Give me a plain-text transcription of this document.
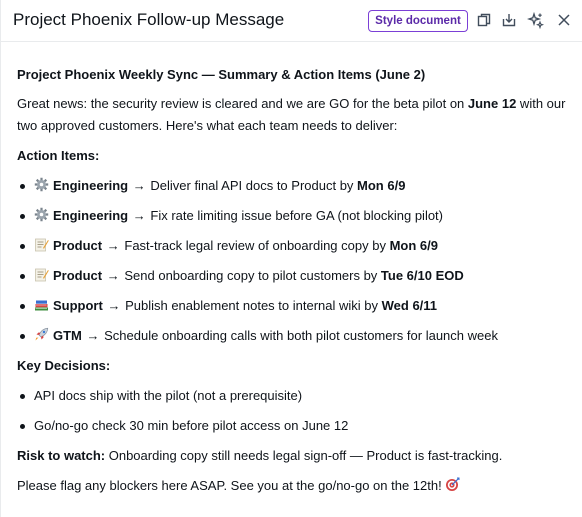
Project Phoenix Follow-up Message	Style document

Project Phoenix Weekly Sync — Summary & Action Items (June 2)

Great news: the security review is cleared and we are GO for the beta pilot on June 12 with our two approved customers. Here's what each team needs to deliver:

Action Items:

Engineering → Deliver final API docs to Product by Mon 6/9
Engineering → Fix rate limiting issue before GA (not blocking pilot)
Product → Fast-track legal review of onboarding copy by Mon 6/9
Product → Send onboarding copy to pilot customers by Tue 6/10 EOD
Support → Publish enablement notes to internal wiki by Wed 6/11
GTM → Schedule onboarding calls with both pilot customers for launch week

Key Decisions:

API docs ship with the pilot (not a prerequisite)
Go/no-go check 30 min before pilot access on June 12

Risk to watch: Onboarding copy still needs legal sign-off — Product is fast-tracking.

Please flag any blockers here ASAP. See you at the go/no-go on the 12th!
